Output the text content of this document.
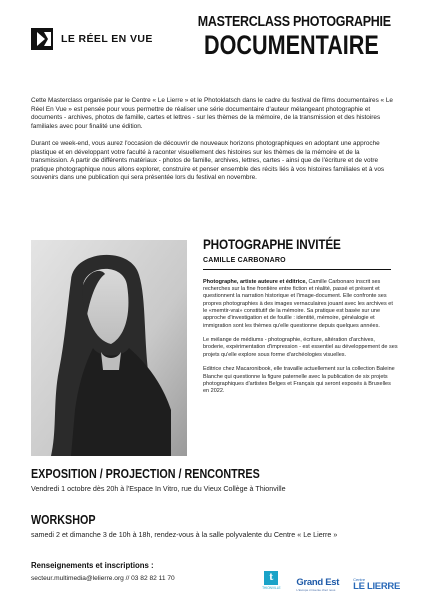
LE RÉEL EN VUE
MASTERCLASS PHOTOGRAPHIE
DOCUMENTAIRE

Cette Masterclass organisée par le Centre « Le Lierre » et le Photoklatsch dans le cadre du festival de films documentaires « Le Réel En Vue » est pensée pour vous permettre de réaliser une série documentaire d'auteur mélangeant photographie et documents - archives, photos de famille, cartes et lettres - sur les thèmes de la mémoire, de la transmission et des histoires familiales avec pour finalité une édition.

Durant ce week-end, vous aurez l'occasion de découvrir de nouveaux horizons photographiques en adoptant une approche plastique et en développant votre faculté à raconter visuellement des histoires sur les thèmes de la mémoire et de la transmission. A partir de différents matériaux - photos de famille, archives, lettres, cartes - ainsi que de l'écriture et de votre pratique photographique nous allons explorer, construire et penser ensemble des récits liés à vos histoires familiales et à vos souvenirs dans une publication qui sera présentée lors du festival en novembre.

PHOTOGRAPHE INVITÉE
CAMILLE CARBONARO

Photographe, artiste auteure et éditrice, Camille Carbonaro inscrit ses recherches sur la fine frontière entre fiction et réalité, passé et présent et questionnent la narration historique et l'image-document. Elle confronte ses propres photographies à des images vernaculaires jouant avec les archives et le «memtir-vrai» constitutif de la mémoire. Sa pratique est basée sur une approche d'investigation et de fouille : identité, mémoire, généalogie et immigration sont les thèmes qu'elle questionne depuis quelques années.

Le mélange de médiums - photographie, écriture, altération d'archives, broderie, expérimentation d'impression - est essentiel au développement de ses projets qu'elle explore sous forme d'archéologies visuelles.

Editrice chez Macaronibook, elle travaille actuellement sur la collection Baleine Blanche qui questionne la figure paternelle avec la publication de six projets photographiques d'artistes Belges et Français qui seront exposés à Bruxelles en 2022.

EXPOSITION / PROJECTION / RENCONTRES
Vendredi 1 octobre dès 20h à l'Espace In Vitro, rue du Vieux Collège à Thionville
WORKSHOP
samedi 2 et dimanche 3 de 10h à 18h, rendez-vous à la salle polyvalente du Centre « Le Lierre »
Renseignements et inscriptions :
secteur.multimedia@lelierre.org // 03 82 82 11 70	t
THIONVILLE Grand Est
L'Europe s'invente chez nous
Centre
LE LIERRE
